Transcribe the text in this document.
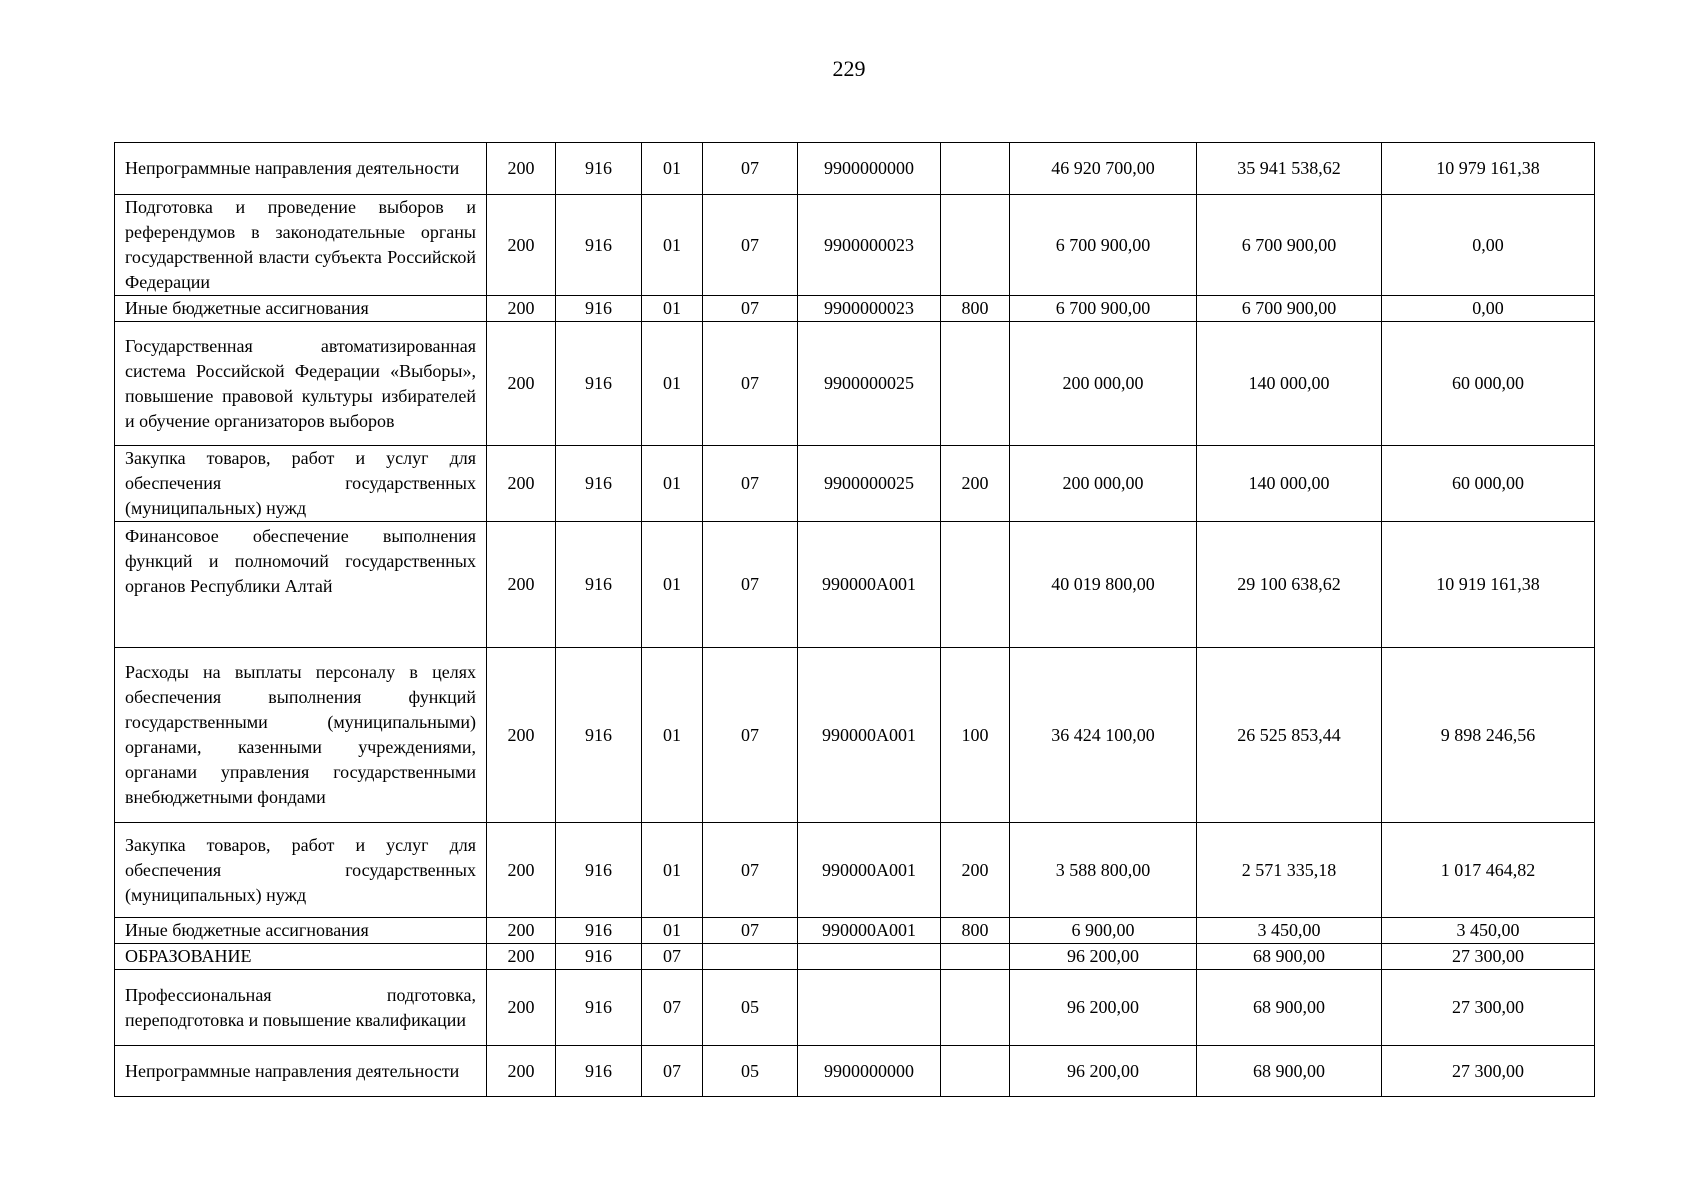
229
Непрограммные направления деятельности	200	916	01	07	9900000000		46 920 700,00	35 941 538,62	10 979 161,38
Подготовка и проведение выборов и референдумов в законодательные органы государственной власти субъекта Российской Федерации	200	916	01	07	9900000023		6 700 900,00	6 700 900,00	0,00
Иные бюджетные ассигнования	200	916	01	07	9900000023	800	6 700 900,00	6 700 900,00	0,00
Государственная автоматизированная система Российской Федерации «Выборы», повышение правовой культуры избирателей и обучение организаторов выборов	200	916	01	07	9900000025		200 000,00	140 000,00	60 000,00
Закупка товаров, работ и услуг для обеспечения государственных (муниципальных) нужд	200	916	01	07	9900000025	200	200 000,00	140 000,00	60 000,00
Финансовое обеспечение выполнения функций и полномочий государственных органов Республики Алтай	200	916	01	07	990000A001		40 019 800,00	29 100 638,62	10 919 161,38
Расходы на выплаты персоналу в целях обеспечения выполнения функций государственными (муниципальными) органами, казенными учреждениями, органами управления государственными внебюджетными фондами	200	916	01	07	990000A001	100	36 424 100,00	26 525 853,44	9 898 246,56
Закупка товаров, работ и услуг для обеспечения государственных (муниципальных) нужд	200	916	01	07	990000A001	200	3 588 800,00	2 571 335,18	1 017 464,82
Иные бюджетные ассигнования	200	916	01	07	990000A001	800	6 900,00	3 450,00	3 450,00
ОБРАЗОВАНИЕ	200	916	07				96 200,00	68 900,00	27 300,00
Профессиональная подготовка, переподготовка и повышение квалификации	200	916	07	05			96 200,00	68 900,00	27 300,00
Непрограммные направления деятельности	200	916	07	05	9900000000		96 200,00	68 900,00	27 300,00
